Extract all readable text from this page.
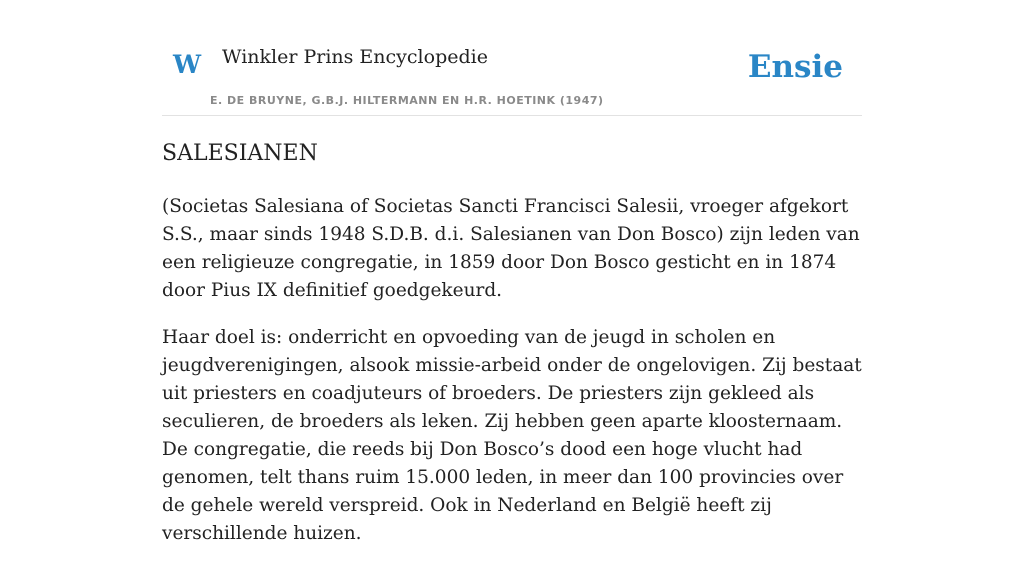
W Winkler Prins Encyclopedie
E. DE BRUYNE, G.B.J. HILTERMANN EN H.R. HOETINK (1947)
Ensie
SALESIANEN

(Societas Salesiana of Societas Sancti Francisci Salesii, vroeger afgekort S.S., maar sinds 1948 S.D.B. d.i. Salesianen van Don Bosco) zijn leden van een religieuze congregatie, in 1859 door Don Bosco gesticht en in 1874 door Pius IX definitief goedgekeurd.

Haar doel is: onderricht en opvoeding van de jeugd in scholen en jeugdverenigingen, alsook missie-arbeid onder de ongelovigen. Zij bestaat uit priesters en coadjuteurs of broeders. De priesters zijn gekleed als seculieren, de broeders als leken. Zij hebben geen aparte kloosternaam. De congregatie, die reeds bij Don Bosco’s dood een hoge vlucht had genomen, telt thans ruim 15.000 leden, in meer dan 100 provincies over de gehele wereld verspreid. Ook in Nederland en België heeft zij verschillende huizen.
